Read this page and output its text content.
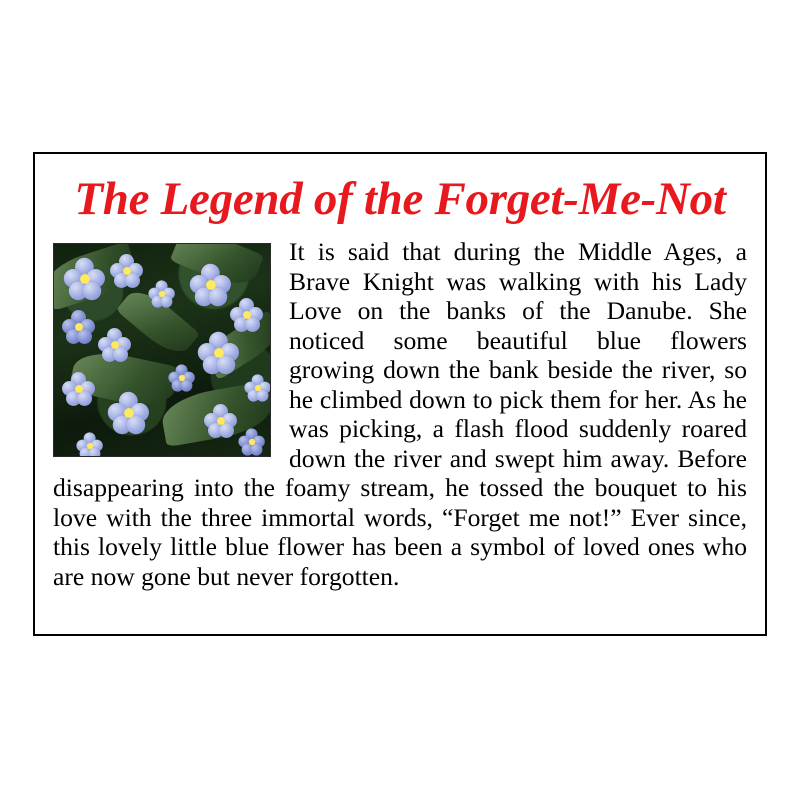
The Legend of the Forget-Me-Not
It is said that during the Middle Ages, a Brave Knight was walking with his Lady Love on the banks of the Danube. She noticed some beautiful blue flowers growing down the bank beside the river, so he climbed down to pick them for her. As he was picking, a flash flood suddenly roared down the river and swept him away. Before disappearing into the foamy stream, he tossed the bouquet to his love with the three immortal words, “Forget me not!” Ever since, this lovely little blue flower has been a symbol of loved ones who are now gone but never forgotten.
